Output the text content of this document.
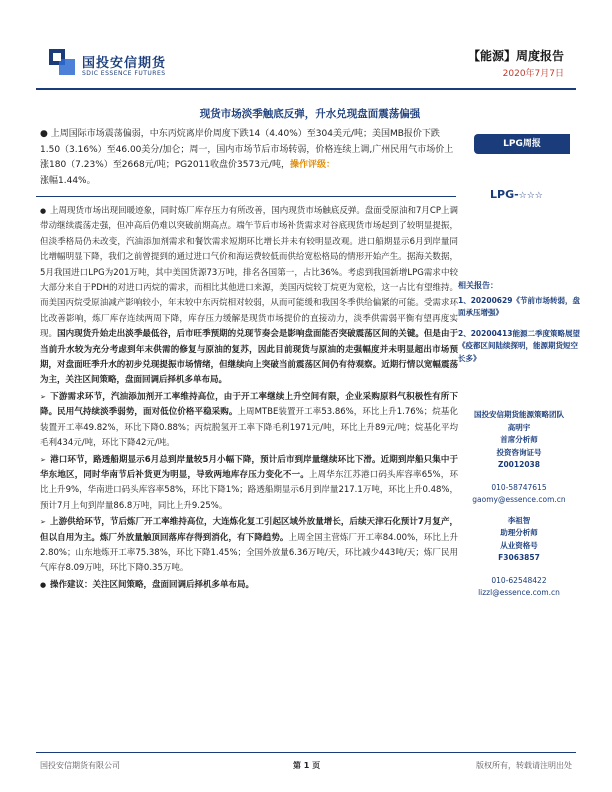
国投安信期货
SDIC ESSENCE FUTURES
【能源】周度报告
2020年7月7日
现货市场淡季触底反弹，升水兑现盘面震荡偏强
● 上周国际市场震荡偏弱，中东丙烷离岸价周度下跌14（4.40%）至304美元/吨；美国MB报价下跌1.50（3.16%）至46.00美分/加仑；周一，国内市场节后市场转弱，价格连续上调,广州民用气市场价上涨180（7.23%）至2668元/吨；PG2011收盘价3573元/吨，操作评级：
涨幅1.44%。
LPG周报
LPG-☆☆☆

● 上周现货市场出现回暖迹象，同时炼厂库存压力有所改善，国内现货市场触底反弹。盘面受原油和7月CP上调带动继续震荡走强，但冲高后仍难以突破前期高点。端午节后市场补货需求对谷底现货市场起到了较明显提振，但淡季格局仍未改变，汽油添加剂需求和餐饮需求短期环比增长并未有较明显改观。进口船期显示6月到岸量同比增幅明显下降，我们之前曾提到的通过进口气价和海运费较低而供给宽松格局的情形开始产生。据海关数据，5月我国进口LPG为201万吨，其中美国货源73万吨，排名各国第一，占比36%。考虑到我国新增LPG需求中较大部分来自于PDH的对进口丙烷的需求，而相比其他进口来源，美国丙烷较丁烷更为宽松，这一占比有望维持。而美国丙烷受原油减产影响较小，年末较中东丙烷相对较弱，从而可能缓和我国冬季供给偏紧的可能。受需求环比改善影响，炼厂库存连续两周下降，库存压力缓解是现货市场提价的直接动力，淡季供需弱平衡有望再度实现。国内现货升始走出淡季最低谷，后市旺季预期的兑现节奏会是影响盘面能否突破震荡区间的关键。但是由于当前升水较为充分考虑到年末供需的修复与原油的复苏，因此目前现货与原油的走强幅度并未明显超出市场预期，对盘面旺季升水的初步兑现提振市场情绪，但继续向上突破当前震荡区间仍有待观察。近期行情以宽幅震荡为主，关注区间策略，盘面回调后择机多单布局。

➢ 下游需求环节，汽油添加剂开工率维持高位，由于开工率继续上升空间有限，企业采购原料气积极性有所下降。民用气持续淡季弱势，面对低位价格平稳采购。上周MTBE装置开工率53.86%，环比上升1.76%；烷基化装置开工率49.82%，环比下降0.88%；丙烷脱氢开工率下降毛利1971元/吨，环比上升89元/吨；烷基化平均毛利434元/吨，环比下降42元/吨。

➢ 港口环节，路透船期显示6月总到岸量较5月小幅下降，预计后市到岸量继续环比下滑。近期到岸船只集中于华东地区，同时华南节后补货更为明显，导致两地库存压力变化不一。上周华东江苏港口码头库容率65%，环比上升9%，华南进口码头库容率58%，环比下降1%；路透船期显示6月到岸量217.1万吨，环比上升0.48%，预计7月上旬到岸量86.8万吨，同比上升9.25%。

➢ 上游供给环节，节后炼厂开工率维持高位，大连炼化复工引起区域外放量增长，后续天津石化预计7月复产，但以自用为主。炼厂外放量触顶回落库存得到消化，有下降趋势。上周全国主营炼厂开工率84.00%，环比上升2.80%；山东地炼开工率75.38%，环比下降1.45%；全国外放量6.36万吨/天，环比减少443吨/天；炼厂民用气库存8.09万吨，环比下降0.35万吨。

● 操作建议：关注区间策略，盘面回调后择机多单布局。

相关报告：
1、20200629《节前市场转弱，盘面承压增强》
2、20200413能源二季度策略展望《疫都区间陆续探明，能源期货短空长多》
国投安信期货能源策略团队
高明宇
首席分析师
投资咨询证号
Z0012038
010-58747615
gaomy@essence.com.cn
李祖智
助理分析师
从业资格号
F3063857
010-62548422
lizzl@essence.com.cn
国投安信期货有限公司	第 1 页	版权所有，转载请注明出处
